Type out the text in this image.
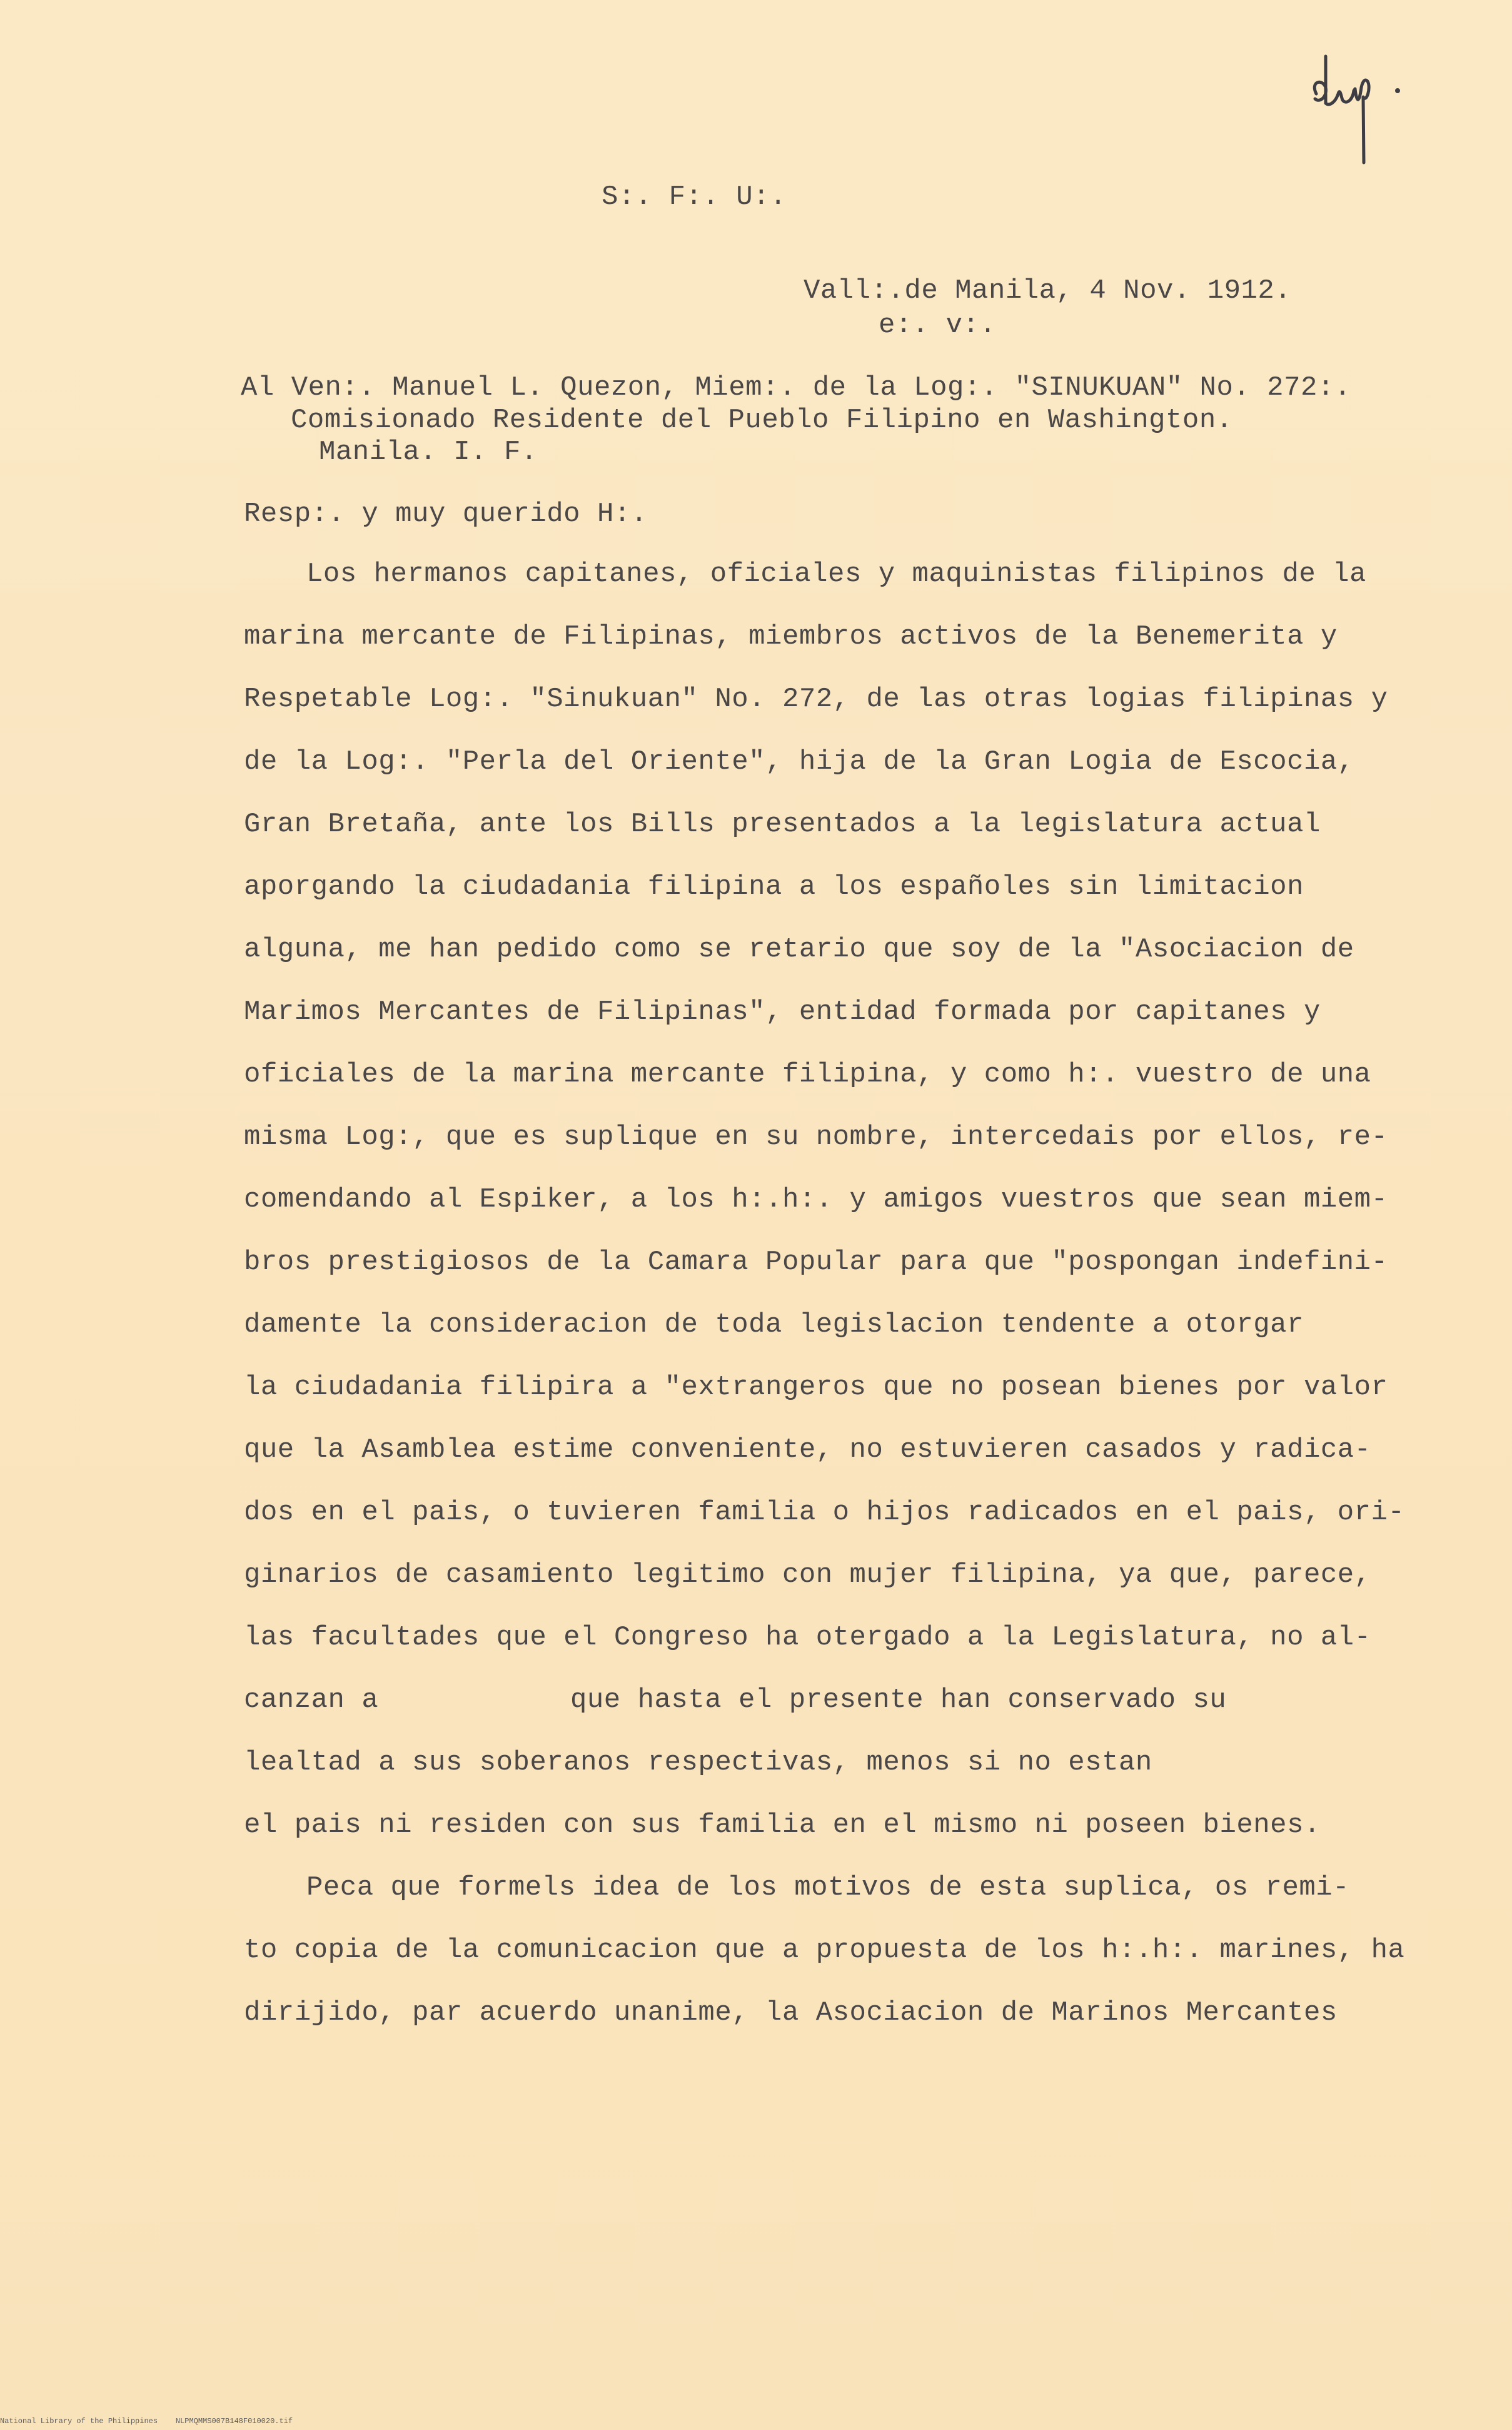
S:. F:. U:.
Vall:.de Manila, 4 Nov. 1912.
e:. v:.
Al Ven:. Manuel L. Quezon, Miem:. de la Log:. "SINUKUAN" No. 272:.
Comisionado Residente del Pueblo Filipino en Washington.
Manila. I. F.
Resp:. y muy querido H:.
Los hermanos capitanes, oficiales y maquinistas filipinos de la
marina mercante de Filipinas, miembros activos de la Benemerita y
Respetable Log:. "Sinukuan" No. 272, de las otras logias filipinas y
de la Log:. "Perla del Oriente", hija de la Gran Logia de Escocia,
Gran Bretaña, ante los Bills presentados a la legislatura actual
aporgando la ciudadania filipina a los españoles sin limitacion
alguna, me han pedido como se retario que soy de la "Asociacion de
Marimos Mercantes de Filipinas", entidad formada por capitanes y
oficiales de la marina mercante filipina, y como h:. vuestro de una
misma Log:, que es suplique en su nombre, intercedais por ellos, re-
comendando al Espiker, a los h:.h:. y amigos vuestros que sean miem-
bros prestigiosos de la Camara Popular para que "pospongan indefini-
damente la consideracion de toda legislacion tendente a otorgar
la ciudadania filipira a "extrangeros que no posean bienes por valor
que la Asamblea estime conveniente, no estuvieren casados y radica-
dos en el pais, o tuvieren familia o hijos radicados en el pais, ori-
ginarios de casamiento legitimo con mujer filipina, ya que, parece,
las facultades que el Congreso ha otergado a la Legislatura, no al-
canzan a	que hasta el presente han conservado su
lealtad a sus soberanos respectivas, menos si no estan
el pais ni residen con sus familia en el mismo ni poseen bienes.
Peca que formels idea de los motivos de esta suplica, os remi-
to copia de la comunicacion que a propuesta de los h:.h:. marines, ha
dirijido, par acuerdo unanime, la Asociacion de Marinos Mercantes
National Library of the Philippines    NLPMQMMS007B148F010020.tif
